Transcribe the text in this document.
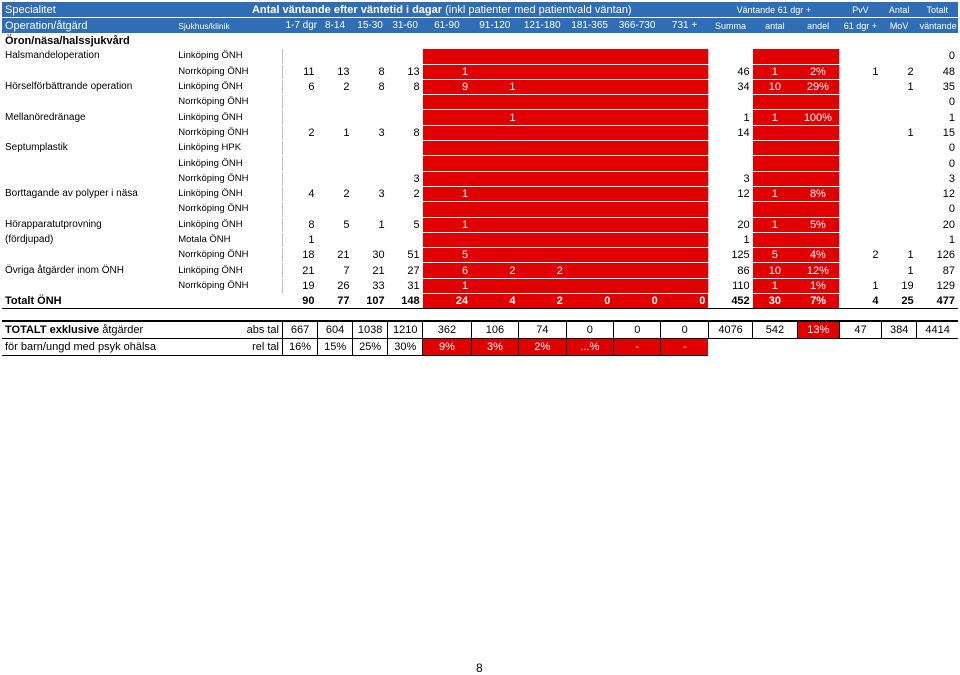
Specialitet	Antal väntande efter väntetid i dagar (inkl patienter med patientvald väntan)											Väntande 61 dgr +			PvV	Antal	Totalt
Operation/åtgärd	Sjukhus/klinik	1-7 dgr	8-14	15-30	31-60	61-90	91-120	121-180	181-365	366-730	731 +	Summa	antal	andel	61 dgr +	MoV	väntande
Öron/näsa/halssjukvård																	
Halsmandeloperation	Linköping ÖNH																0
	Norrköping ÖNH	11	13	8	13	1						46	1	2%	1	2	48
Hörselförbättrande operation	Linköping ÖNH	6	2	8	8	9	1					34	10	29%		1	35
	Norrköping ÖNH																0
Mellanöredränage	Linköping ÖNH						1					1	1	100%			1
	Norrköping ÖNH	2	1	3	8							14				1	15
Septumplastik	Linköping HPK																0
	Linköping ÖNH																0
	Norrköping ÖNH				3							3					3
Borttagande av polyper i näsa	Linköping ÖNH	4	2	3	2	1						12	1	8%			12
	Norrköping ÖNH																0
Hörapparatutprovning	Linköping ÖNH	8	5	1	5	1						20	1	5%			20
(fördjupad)	Motala ÖNH	1										1					1
	Norrköping ÖNH	18	21	30	51	5						125	5	4%	2	1	126
Övriga åtgärder inom ÖNH	Linköping ÖNH	21	7	21	27	6	2	2				86	10	12%		1	87
	Norrköping ÖNH	19	26	33	31	1						110	1	1%	1	19	129
Totalt ÖNH		90	77	107	148	24	4	2	0	0	0	452	30	7%	4	25	477
TOTALT exklusive åtgärder	abs tal	667	604	1038	1210	362	106	74	0	0	0	4076	542	13%	47	384	4414
för barn/ungd med psyk ohälsa	rel tal	16%	15%	25%	30%	9%	3%	2%	...%	-	-						
8
